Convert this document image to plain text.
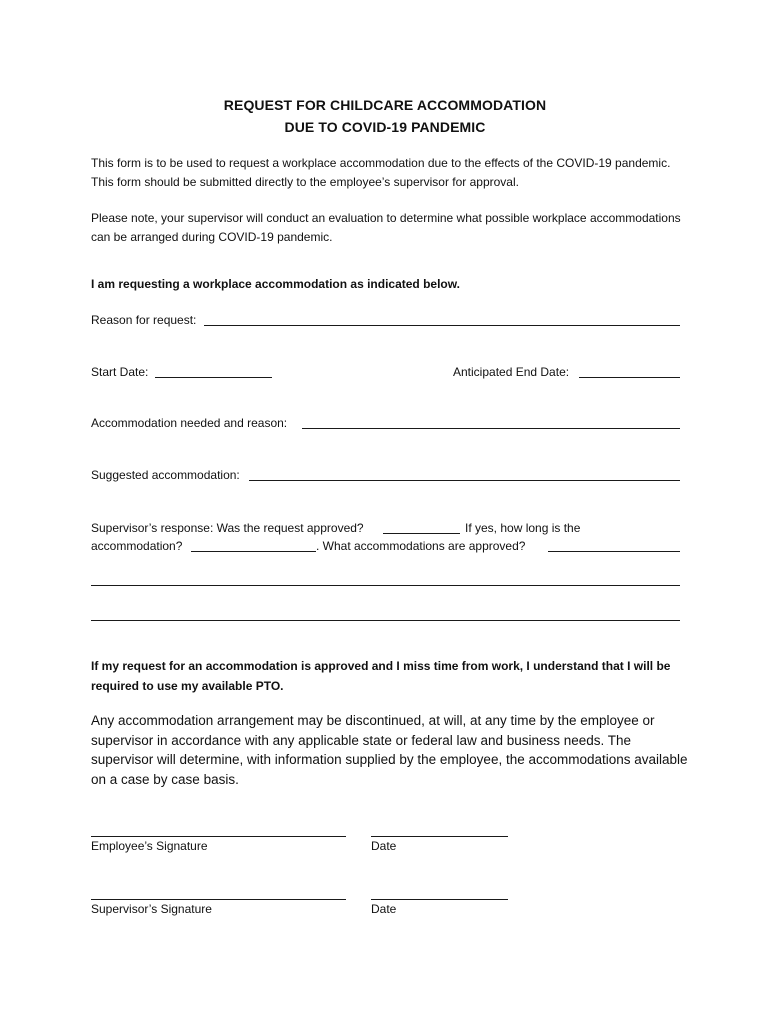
REQUEST FOR CHILDCARE ACCOMMODATION
DUE TO COVID-19 PANDEMIC
This form is to be used to request a workplace accommodation due to the effects of the COVID-19 pandemic. This form should be submitted directly to the employee’s supervisor for approval.
Please note, your supervisor will conduct an evaluation to determine what possible workplace accommodations can be arranged during COVID-19 pandemic.
I am requesting a workplace accommodation as indicated below.
Reason for request:
Start Date:	Anticipated End Date:
Accommodation needed and reason:
Suggested accommodation:
Supervisor’s response: Was the request approved?	If yes, how long is the
accommodation?	. What accommodations are approved?
If my request for an accommodation is approved and I miss time from work, I understand that I will be required to use my available PTO.
Any accommodation arrangement may be discontinued, at will, at any time by the employee or supervisor in accordance with any applicable state or federal law and business needs. The supervisor will determine, with information supplied by the employee, the accommodations available on a case by case basis.
Employee’s Signature	Date
Supervisor’s Signature	Date
